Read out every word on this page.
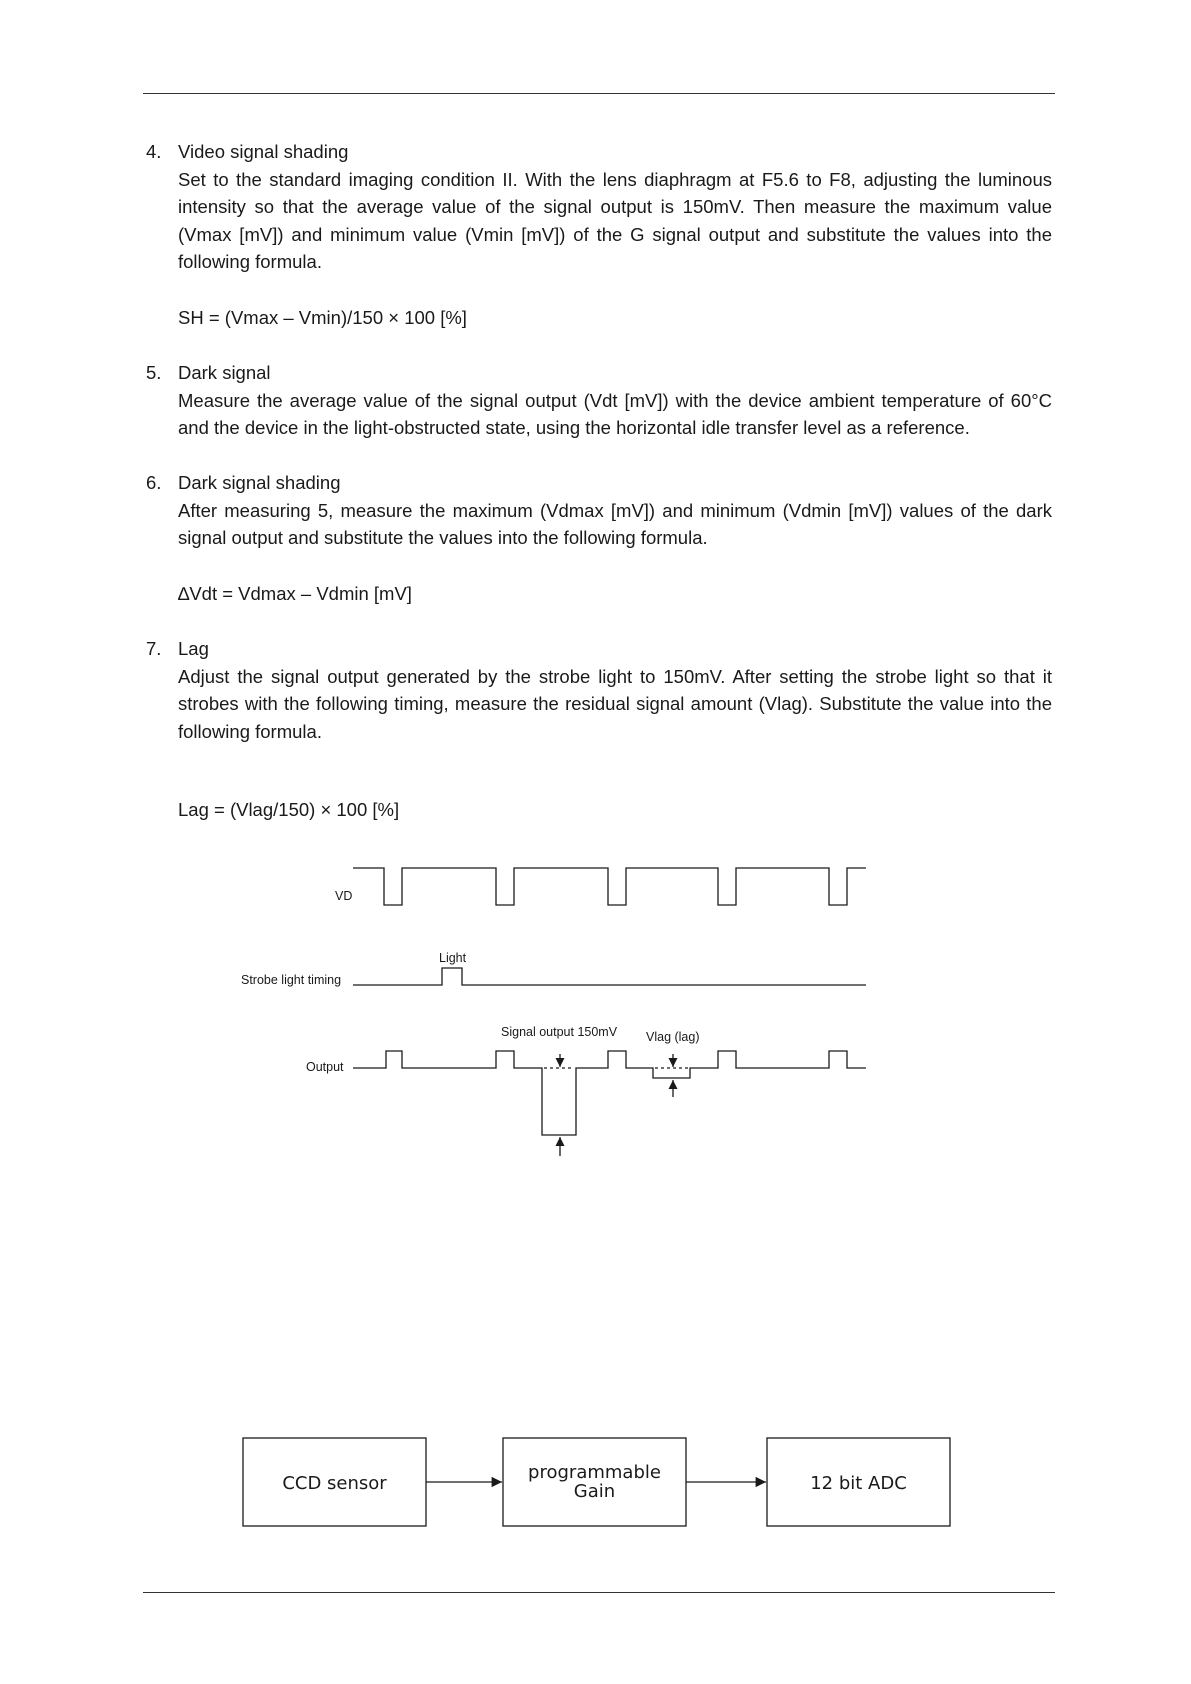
4. Video signal shading
Set to the standard imaging condition II. With the lens diaphragm at F5.6 to F8, adjusting the luminous intensity so that the average value of the signal output is 150mV. Then measure the maximum value (Vmax [mV]) and minimum value (Vmin [mV]) of the G signal output and substitute the values into the following formula.
SH = (Vmax – Vmin)/150 × 100 [%]
5. Dark signal
Measure the average value of the signal output (Vdt [mV]) with the device ambient temperature of 60°C and the device in the light-obstructed state, using the horizontal idle transfer level as a reference.
6. Dark signal shading
After measuring 5, measure the maximum (Vdmax [mV]) and minimum (Vdmin [mV]) values of the dark signal output and substitute the values into the following formula.
∆Vdt = Vdmax – Vdmin [mV]
7. Lag
Adjust the signal output generated by the strobe light to 150mV. After setting the strobe light so that it strobes with the following timing, measure the residual signal amount (Vlag). Substitute the value into the following formula.
Lag = (Vlag/150) × 100 [%]
VD
Strobe light timing
Light
Output
Signal output 150mV Vlag (lag)
CCD sensor
programmable
Gain	12 bit ADC
